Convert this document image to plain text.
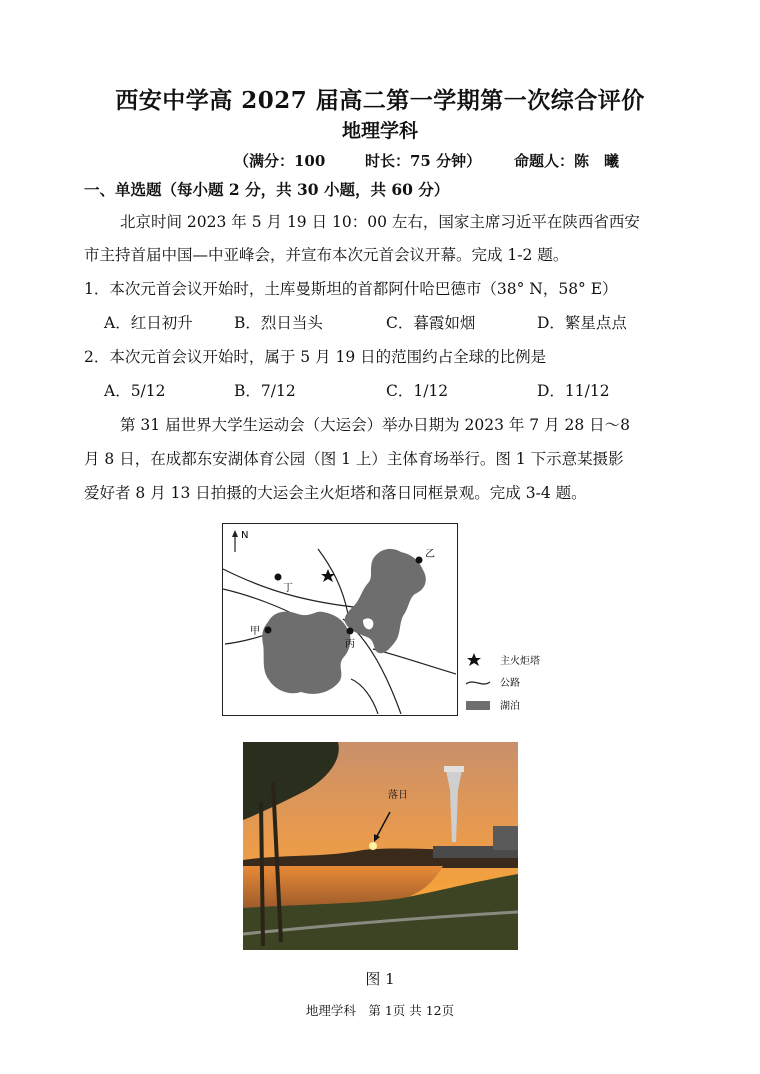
西安中学高 2027 届高二第一学期第一次综合评价
地理学科
（满分：100	时长：75 分钟） 命题人：陈　曦
一、单选题（每小题 2 分，共 30 小题，共 60 分）
北京时间 2023 年 5 月 19 日 10：00 左右，国家主席习近平在陕西省西安
市主持首届中国—中亚峰会，并宣布本次元首会议开幕。完成 1-2 题。
1．本次元首会议开始时，土库曼斯坦的首都阿什哈巴德市（38° N，58° E）
A．红日初升	B．烈日当头	C．暮霞如烟	D．繁星点点
2．本次元首会议开始时，属于 5 月 19 日的范围约占全球的比例是
A．5/12	B．7/12	C．1/12	D．11/12
第 31 届世界大学生运动会（大运会）举办日期为 2023 年 7 月 28 日～8
月 8 日，在成都东安湖体育公园（图 1 上）主体育场举行。图 1 下示意某摄影
爱好者 8 月 13 日拍摄的大运会主火炬塔和落日同框景观。完成 3-4 题。
N
丁
乙
甲
丙
主火炬塔
公路
湖泊
落日
图 1
地理学科　第 1页 共 12页
